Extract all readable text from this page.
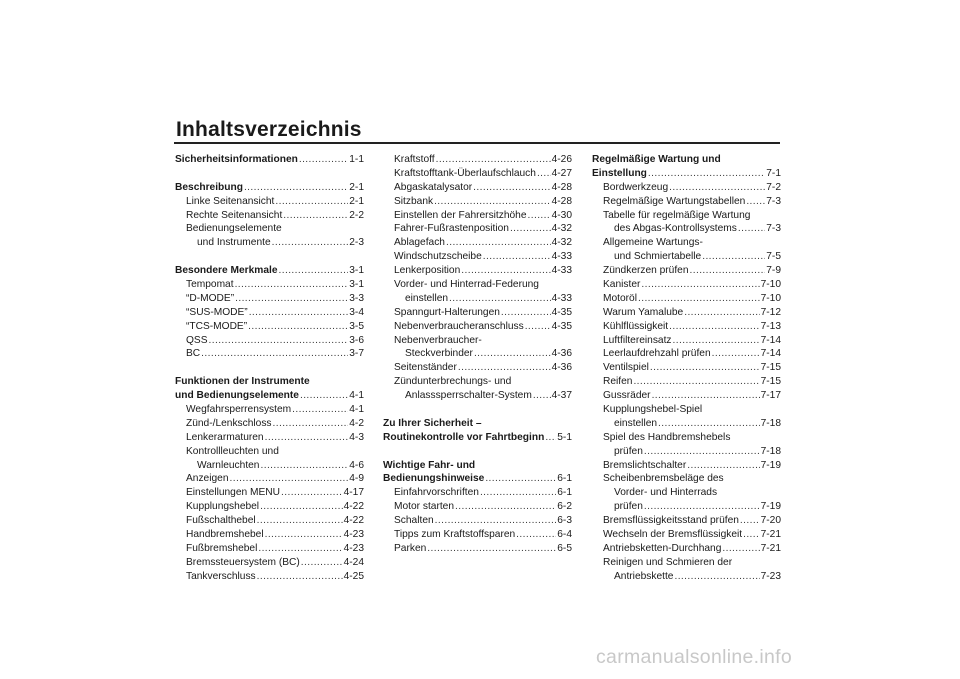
Inhaltsverzeichnis
Sicherheitsinformationen .....	1-1
Beschreibung .....	2-1
Linke Seitenansicht .....	2-1
Rechte Seitenansicht .....	2-2
Bedienungselemente
und Instrumente .....	2-3
Besondere Merkmale .....	3-1
Tempomat .....	3-1
“D-MODE” .....	3-3
“SUS-MODE” .....	3-4
“TCS-MODE” .....	3-5
QSS .....	3-6
BC .....	3-7
Funktionen der Instrumente
und Bedienungselemente .....	4-1
Wegfahrsperrensystem .....	4-1
Zünd-/Lenkschloss .....	4-2
Lenkerarmaturen .....	4-3
Kontrollleuchten und
Warnleuchten .....	4-6
Anzeigen .....	4-9
Einstellungen MENU .....	4-17
Kupplungshebel .....	4-22
Fußschalthebel .....	4-22
Handbremshebel .....	4-23
Fußbremshebel .....	4-23
Bremssteuersystem (BC) .....	4-24
Tankverschluss .....	4-25
Kraftstoff .....	4-26
Kraftstofftank-Überlaufschlauch ..... 4-27
Abgaskatalysator .....	4-28
Sitzbank .....	4-28
Einstellen der Fahrersitzhöhe ..... 4-30
Fahrer-Fußrastenposition .....	4-32
Ablagefach .....	4-32
Windschutzscheibe .....	4-33
Lenkerposition .....	4-33
Vorder- und Hinterrad-Federung
einstellen .....	4-33
Spanngurt-Halterungen .....	4-35
Nebenverbraucheranschluss .....	4-35
Nebenverbraucher-
Steckverbinder .....	4-36
Seitenständer .....	4-36
Zündunterbrechungs- und
Anlasssperrschalter-System ..... 4-37
Zu Ihrer Sicherheit –
Routinekontrolle vor Fahrtbeginn ..... 5-1
Wichtige Fahr- und
Bedienungshinweise .....	6-1
Einfahrvorschriften .....	6-1
Motor starten .....	6-2
Schalten .....	6-3
Tipps zum Kraftstoffsparen .....	6-4
Parken .....	6-5
Regelmäßige Wartung und
Einstellung .....	7-1
Bordwerkzeug .....	7-2
Regelmäßige Wartungstabellen ..... 7-3
Tabelle für regelmäßige Wartung
des Abgas-Kontrollsystems .....	7-3
Allgemeine Wartungs-
und Schmiertabelle .....	7-5
Zündkerzen prüfen .....	7-9
Kanister .....	7-10
Motoröl .....	7-10
Warum Yamalube .....	7-12
Kühlflüssigkeit .....	7-13
Luftfiltereinsatz .....	7-14
Leerlaufdrehzahl prüfen .....	7-14
Ventilspiel .....	7-15
Reifen .....	7-15
Gussräder .....	7-17
Kupplungshebel-Spiel
einstellen .....	7-18
Spiel des Handbremshebels
prüfen .....	7-18
Bremslichtschalter .....	7-19
Scheibenbremsbeläge des
Vorder- und Hinterrads
prüfen .....	7-19
Bremsflüssigkeitsstand prüfen ..... 7-20
Wechseln der Bremsflüssigkeit ..... 7-21
Antriebsketten-Durchhang .....	7-21
Reinigen und Schmieren der
Antriebskette .....	7-23
carmanualsonline.info
